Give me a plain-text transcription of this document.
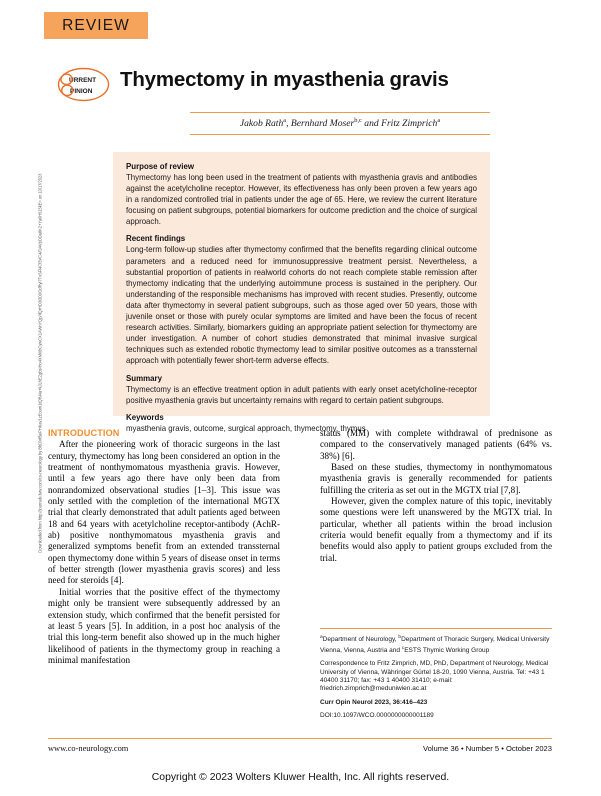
Downloaded from http://journals.lww.com/co-neurology by BhDMf5ePHKav1zEoum1tQfN4a+kJLhEZgbsIHo4XMi0hCywCX1AWnYQp/IlQrHD3i3D0OdRyi7TvSFl4Cf3VC4/OAVpDDa8K2+Ya6H515kE= on 10/17/2023
REVIEW
URRENT
PINION
Thymectomy in myasthenia gravis
Jakob Rath$^a$, Bernhard Moser$^{b,c}$ and Fritz Zimprich$^a$

Purpose of review

Thymectomy has long been used in the treatment of patients with myasthenia gravis and antibodies against the acetylcholine receptor. However, its effectiveness has only been proven a few years ago in a randomized controlled trial in patients under the age of 65. Here, we review the current literature focusing on patient subgroups, potential biomarkers for outcome prediction and the choice of surgical approach.

Recent findings

Long-term follow-up studies after thymectomy confirmed that the benefits regarding clinical outcome parameters and a reduced need for immunosuppressive treatment persist. Nevertheless, a substantial proportion of patients in realworld cohorts do not reach complete stable remission after thymectomy indicating that the underlying autoimmune process is sustained in the periphery. Our understanding of the responsible mechanisms has improved with recent studies. Presently, outcome data after thymectomy in several patient subgroups, such as those aged over 50 years, those with juvenile onset or those with purely ocular symptoms are limited and have been the focus of recent research activities. Similarly, biomarkers guiding an appropriate patient selection for thymectomy are under investigation. A number of cohort studies demonstrated that minimal invasive surgical techniques such as extended robotic thymectomy lead to similar positive outcomes as a transsternal approach with potentially fewer short-term adverse effects.

Summary

Thymectomy is an effective treatment option in adult patients with early onset acetylcholine-receptor positive myasthenia gravis but uncertainty remains with regard to certain patient subgroups.

Keywords

myasthenia gravis, outcome, surgical approach, thymectomy, thymus

INTRODUCTION

After the pioneering work of thoracic surgeons in the last century, thymectomy has long been considered an option in the treatment of nonthymomatous myasthenia gravis. However, until a few years ago there have only been data from nonrandomized observational studies [1–3]. This issue was only settled with the completion of the international MGTX trial that clearly demonstrated that adult patients aged between 18 and 64 years with acetylcholine receptor-antibody (AchR-ab) positive nonthymomatous myasthenia gravis and generalized symptoms benefit from an extended transsternal open thymectomy done within 5 years of disease onset in terms of better strength (lower myasthenia gravis scores) and less need for steroids [4].

Initial worries that the positive effect of the thymectomy might only be transient were subsequently addressed by an extension study, which confirmed that the benefit persisted for at least 5 years [5]. In addition, in a post hoc analysis of the trial this long-term benefit also showed up in the much higher likelihood of patients in the thymectomy group in reaching a minimal manifestation

status (MM) with complete withdrawal of prednisone as compared to the conservatively managed patients (64% vs. 38%) [6].

Based on these studies, thymectomy in nonthymomatous myasthenia gravis is generally recommended for patients fulfilling the criteria as set out in the MGTX trial [7,8].

However, given the complex nature of this topic, inevitably some questions were left unanswered by the MGTX trial. In particular, whether all patients within the broad inclusion criteria would benefit equally from a thymectomy and if its benefits would also apply to patient groups excluded from the trial.

$^a$Department of Neurology, $^b$Department of Thoracic Surgery, Medical University Vienna, Vienna, Austria and $^c$ESTS Thymic Working Group

Correspondence to Fritz Zimprich, MD, PhD, Department of Neurology, Medical University of Vienna, Währinger Gürtel 18-20, 1090 Vienna, Austria. Tel: +43 1 40400 31170; fax: +43 1 40400 31410; e-mail: friedrich.zimprich@meduniwien.ac.at

Curr Opin Neurol 2023, 36:416–423

DOI:10.1097/WCO.0000000000001189

www.co-neurology.com	Volume 36 • Number 5 • October 2023
Copyright © 2023 Wolters Kluwer Health, Inc. All rights reserved.
